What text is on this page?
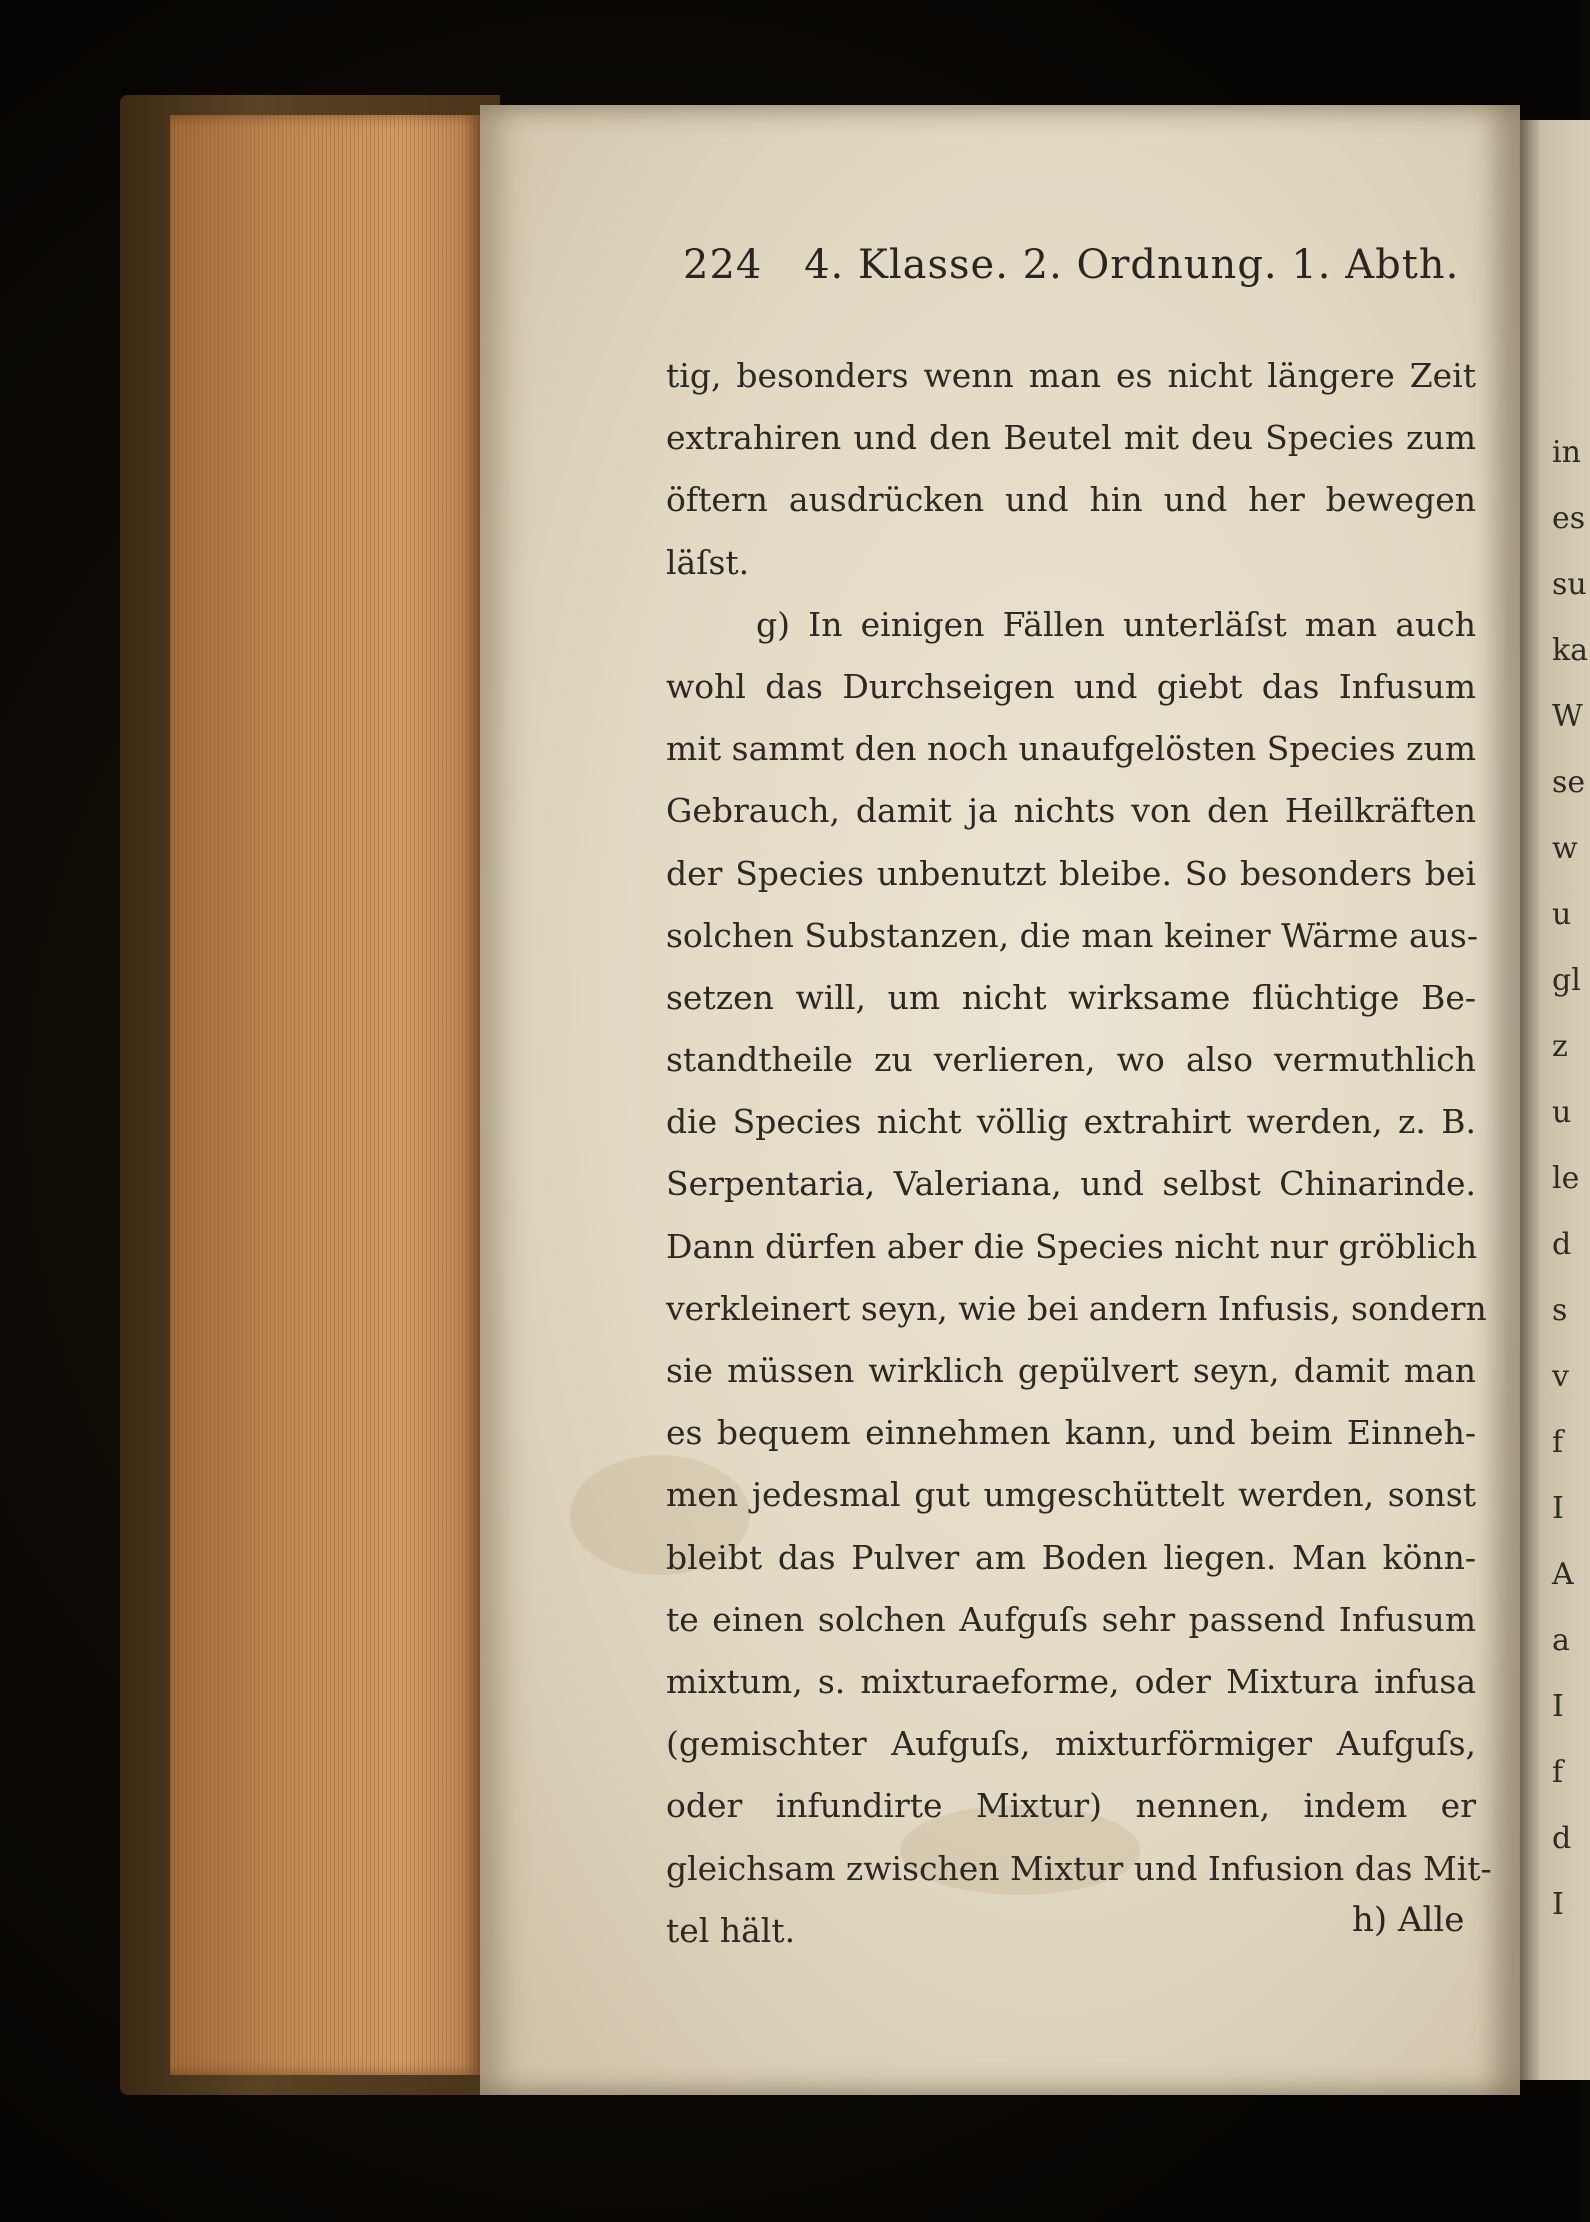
in
es
su
ka
W
se
w
u
gl
z
u
le
d
s
v
f
I
A
a
I
f
d
I
224 4. Klasse. 2. Ordnung. 1. Abth.
tig, besonders wenn man es nicht längere Zeit
extrahiren und den Beutel mit deu Species zum
öftern ausdrücken und hin und her bewegen
läſst.
g) In einigen Fällen unterläſst man auch
wohl das Durchseigen und giebt das Infusum
mit sammt den noch unaufgelösten Species zum
Gebrauch, damit ja nichts von den Heilkräften
der Species unbenutzt bleibe. So besonders bei
solchen Substanzen, die man keiner Wärme aus-
setzen will, um nicht wirksame flüchtige Be-
standtheile zu verlieren, wo also vermuthlich
die Species nicht völlig extrahirt werden, z. B.
Serpentaria, Valeriana, und selbst Chinarinde.
Dann dürfen aber die Species nicht nur gröblich
verkleinert seyn, wie bei andern Infusis, sondern
sie müssen wirklich gepülvert seyn, damit man
es bequem einnehmen kann, und beim Einneh-
men jedesmal gut umgeschüttelt werden, sonst
bleibt das Pulver am Boden liegen. Man könn-
te einen solchen Aufguſs sehr passend Infusum
mixtum, s. mixturaeforme, oder Mixtura infusa
(gemischter Aufguſs, mixturförmiger Aufguſs,
oder infundirte Mixtur) nennen, indem er
gleichsam zwischen Mixtur und Infusion das Mit-
tel hält.	h) Alle
